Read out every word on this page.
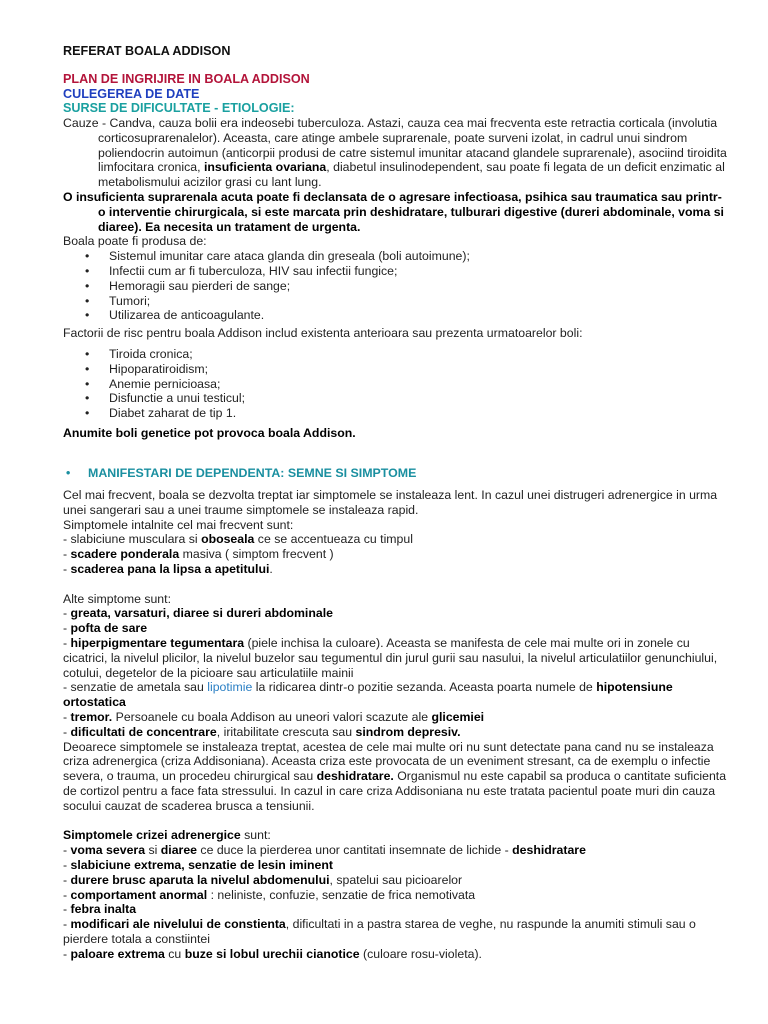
REFERAT BOALA ADDISON
PLAN DE INGRIJIRE IN BOALA ADDISON
CULEGEREA DE DATE
SURSE DE DIFICULTATE - ETIOLOGIE:

Cauze - Candva, cauza bolii era indeosebi tuberculoza. Astazi, cauza cea mai frecventa este retractia corticala (involutia corticosuprarenalelor). Aceasta, care atinge ambele suprarenale, poate surveni izolat, in cadrul unui sindrom poliendocrin autoimun (anticorpii produsi de catre sistemul imunitar atacand glandele suprarenale), asociind tiroidita limfocitara cronica, insuficienta ovariana, diabetul insulinodependent, sau poate fi legata de un deficit enzimatic al metabolismului acizilor grasi cu lant lung.

O insuficienta suprarenala acuta poate fi declansata de o agresare infectioasa, psihica sau traumatica sau printr-o interventie chirurgicala, si este marcata prin deshidratare, tulburari digestive (dureri abdominale, voma si diaree). Ea necesita un tratament de urgenta.

Boala poate fi produsa de:

• Sistemul imunitar care ataca glanda din greseala (boli autoimune);
• Infectii cum ar fi tuberculoza, HIV sau infectii fungice;
• Hemoragii sau pierderi de sange;
• Tumori;
• Utilizarea de anticoagulante.

Factorii de risc pentru boala Addison includ existenta anterioara sau prezenta urmatoarelor boli:

• Tiroida cronica;
• Hipoparatiroidism;
• Anemie pernicioasa;
• Disfunctie a unui testicul;
• Diabet zaharat de tip 1.

Anumite boli genetice pot provoca boala Addison.

• MANIFESTARI DE DEPENDENTA: SEMNE SI SIMPTOME

Cel mai frecvent, boala se dezvolta treptat iar simptomele se instaleaza lent. In cazul unei distrugeri adrenergice in urma unei sangerari sau a unei traume simptomele se instaleaza rapid.

Simptomele intalnite cel mai frecvent sunt:

- slabiciune musculara si oboseala ce se accentueaza cu timpul

- scadere ponderala masiva ( simptom frecvent )

- scaderea pana la lipsa a apetitului.

Alte simptome sunt:

- greata, varsaturi, diaree si dureri abdominale

- pofta de sare

- hiperpigmentare tegumentara (piele inchisa la culoare). Aceasta se manifesta de cele mai multe ori in zonele cu cicatrici, la nivelul plicilor, la nivelul buzelor sau tegumentul din jurul gurii sau nasului, la nivelul articulatiilor genunchiului, cotului, degetelor de la picioare sau articulatiile mainii

- senzatie de ametala sau lipotimie la ridicarea dintr-o pozitie sezanda. Aceasta poarta numele de hipotensiune ortostatica

- tremor. Persoanele cu boala Addison au uneori valori scazute ale glicemiei

- dificultati de concentrare, iritabilitate crescuta sau sindrom depresiv.

Deoarece simptomele se instaleaza treptat, acestea de cele mai multe ori nu sunt detectate pana cand nu se instaleaza criza adrenergica (criza Addisoniana). Aceasta criza este provocata de un eveniment stresant, ca de exemplu o infectie severa, o trauma, un procedeu chirurgical sau deshidratare. Organismul nu este capabil sa produca o cantitate suficienta de cortizol pentru a face fata stressului. In cazul in care criza Addisoniana nu este tratata pacientul poate muri din cauza socului cauzat de scaderea brusca a tensiunii.

Simptomele crizei adrenergice sunt:

- voma severa si diaree ce duce la pierderea unor cantitati insemnate de lichide - deshidratare

- slabiciune extrema, senzatie de lesin iminent

- durere brusc aparuta la nivelul abdomenului, spatelui sau picioarelor

- comportament anormal : neliniste, confuzie, senzatie de frica nemotivata

- febra inalta

- modificari ale nivelului de constienta, dificultati in a pastra starea de veghe, nu raspunde la anumiti stimuli sau o pierdere totala a constiintei

- paloare extrema cu buze si lobul urechii cianotice (culoare rosu-violeta).
